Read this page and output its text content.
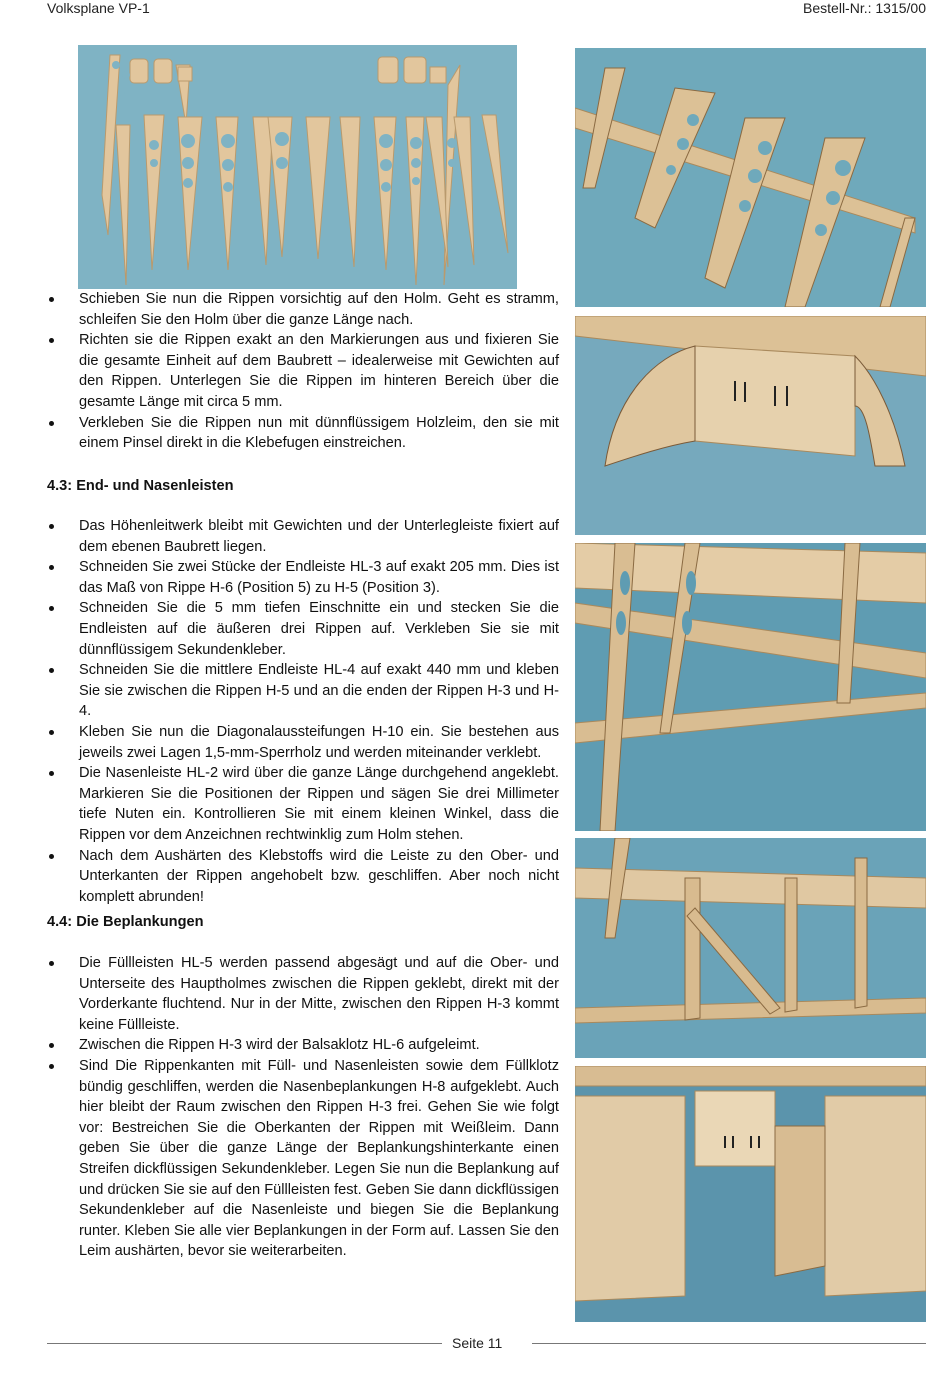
Volksplane VP-1	Bestell-Nr.: 1315/00
Schieben Sie nun die Rippen vorsichtig auf den Holm. Geht es stramm, schleifen Sie den Holm über die ganze Länge nach.
Richten sie die Rippen exakt an den Markierungen aus und fixieren Sie die gesamte Einheit auf dem Baubrett – idealerweise mit Gewichten auf den Rippen. Unterlegen Sie die Rippen im hinteren Bereich über die gesamte Länge mit circa 5 mm.
Verkleben Sie die Rippen nun mit dünnflüssigem Holzleim, den sie mit einem Pinsel direkt in die Klebefugen einstreichen.
4.3: End- und Nasenleisten
Das Höhenleitwerk bleibt mit Gewichten und der Unterlegleiste fixiert auf dem ebenen Baubrett liegen.
Schneiden Sie zwei Stücke der Endleiste HL-3 auf exakt 205 mm. Dies ist das Maß von Rippe H-6 (Position 5) zu H-5 (Position 3).
Schneiden Sie die 5 mm tiefen Einschnitte ein und stecken Sie die Endleisten auf die äußeren drei Rippen auf. Verkleben Sie sie mit dünnflüssigem Sekundenkleber.
Schneiden Sie die mittlere Endleiste HL-4 auf exakt 440 mm und kleben Sie sie zwischen die Rippen H-5 und an die enden der Rippen H-3 und H-4.
Kleben Sie nun die Diagonalaussteifungen H-10 ein. Sie bestehen aus jeweils zwei Lagen 1,5-mm-Sperrholz und werden miteinander verklebt.
Die Nasenleiste HL-2 wird über die ganze Länge durchgehend angeklebt. Markieren Sie die Positionen der Rippen und sägen Sie drei Millimeter tiefe Nuten ein. Kontrollieren Sie mit einem kleinen Winkel, dass die Rippen vor dem Anzeichnen rechtwinklig zum Holm stehen.
Nach dem Aushärten des Klebstoffs wird die Leiste zu den Ober- und Unterkanten der Rippen angehobelt bzw. geschliffen. Aber noch nicht komplett abrunden!
4.4: Die Beplankungen
Die Füllleisten HL-5 werden passend abgesägt und auf die Ober- und Unterseite des Hauptholmes zwischen die Rippen geklebt, direkt mit der Vorderkante fluchtend. Nur in der Mitte, zwischen den Rippen H-3 kommt keine Füllleiste.
Zwischen die Rippen H-3 wird der Balsaklotz HL-6 aufgeleimt.
Sind Die Rippenkanten mit Füll- und Nasenleisten sowie dem Füllklotz bündig geschliffen, werden die Nasenbeplankungen H-8 aufgeklebt. Auch hier bleibt der Raum zwischen den Rippen H-3 frei. Gehen Sie wie folgt vor: Bestreichen Sie die Oberkanten der Rippen mit Weißleim. Dann geben Sie über die ganze Länge der Beplankungshinterkante einen Streifen dickflüssigen Sekundenkleber. Legen Sie nun die Beplankung auf und drücken Sie sie auf den Füllleisten fest. Geben Sie dann dickflüssigen Sekundenkleber auf die Nasenleiste und biegen Sie die Beplankung runter. Kleben Sie alle vier Beplankungen in der Form auf. Lassen Sie den Leim aushärten, bevor sie weiterarbeiten.
Seite 11
